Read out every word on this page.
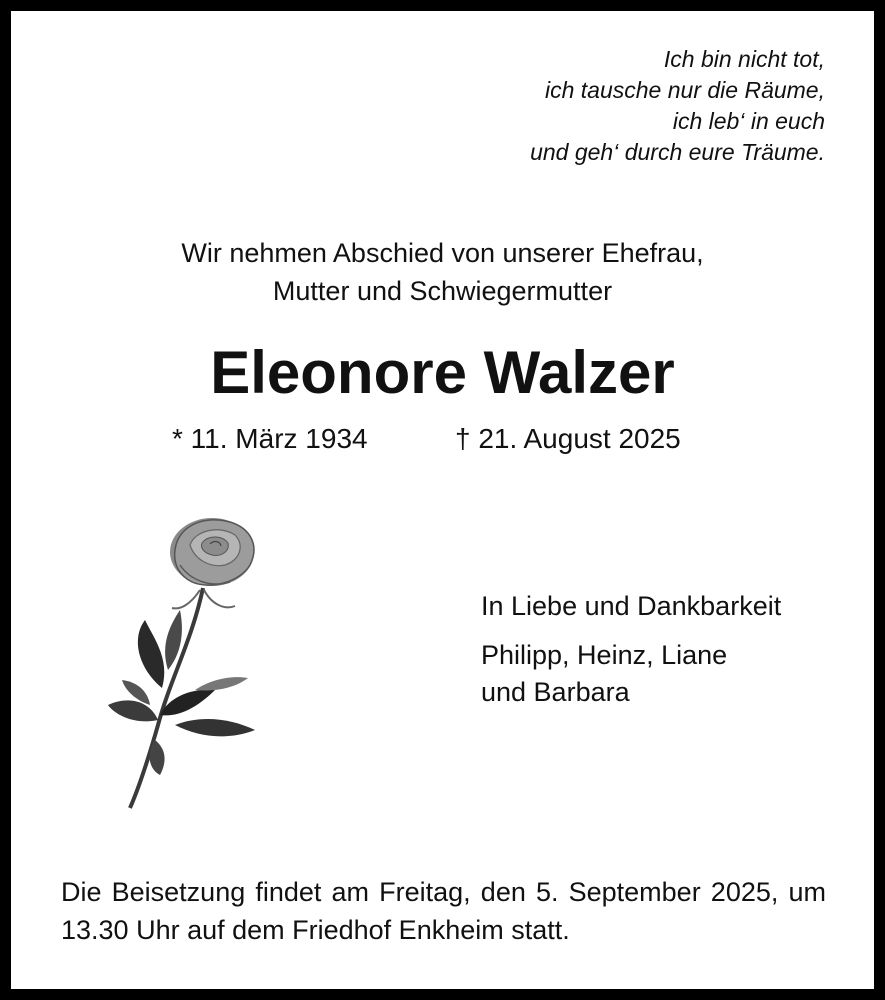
Ich bin nicht tot,
ich tausche nur die Räume,
ich leb‘ in euch
und geh‘ durch eure Träume.
Wir nehmen Abschied von unserer Ehefrau,
Mutter und Schwiegermutter
Eleonore Walzer
* 11. März 1934	† 21. August 2025
In Liebe und Dankbarkeit
Philipp, Heinz, Liane
und Barbara
Die Beisetzung findet am Freitag, den 5. September 2025, um 13.30 Uhr auf dem Friedhof Enkheim statt.
